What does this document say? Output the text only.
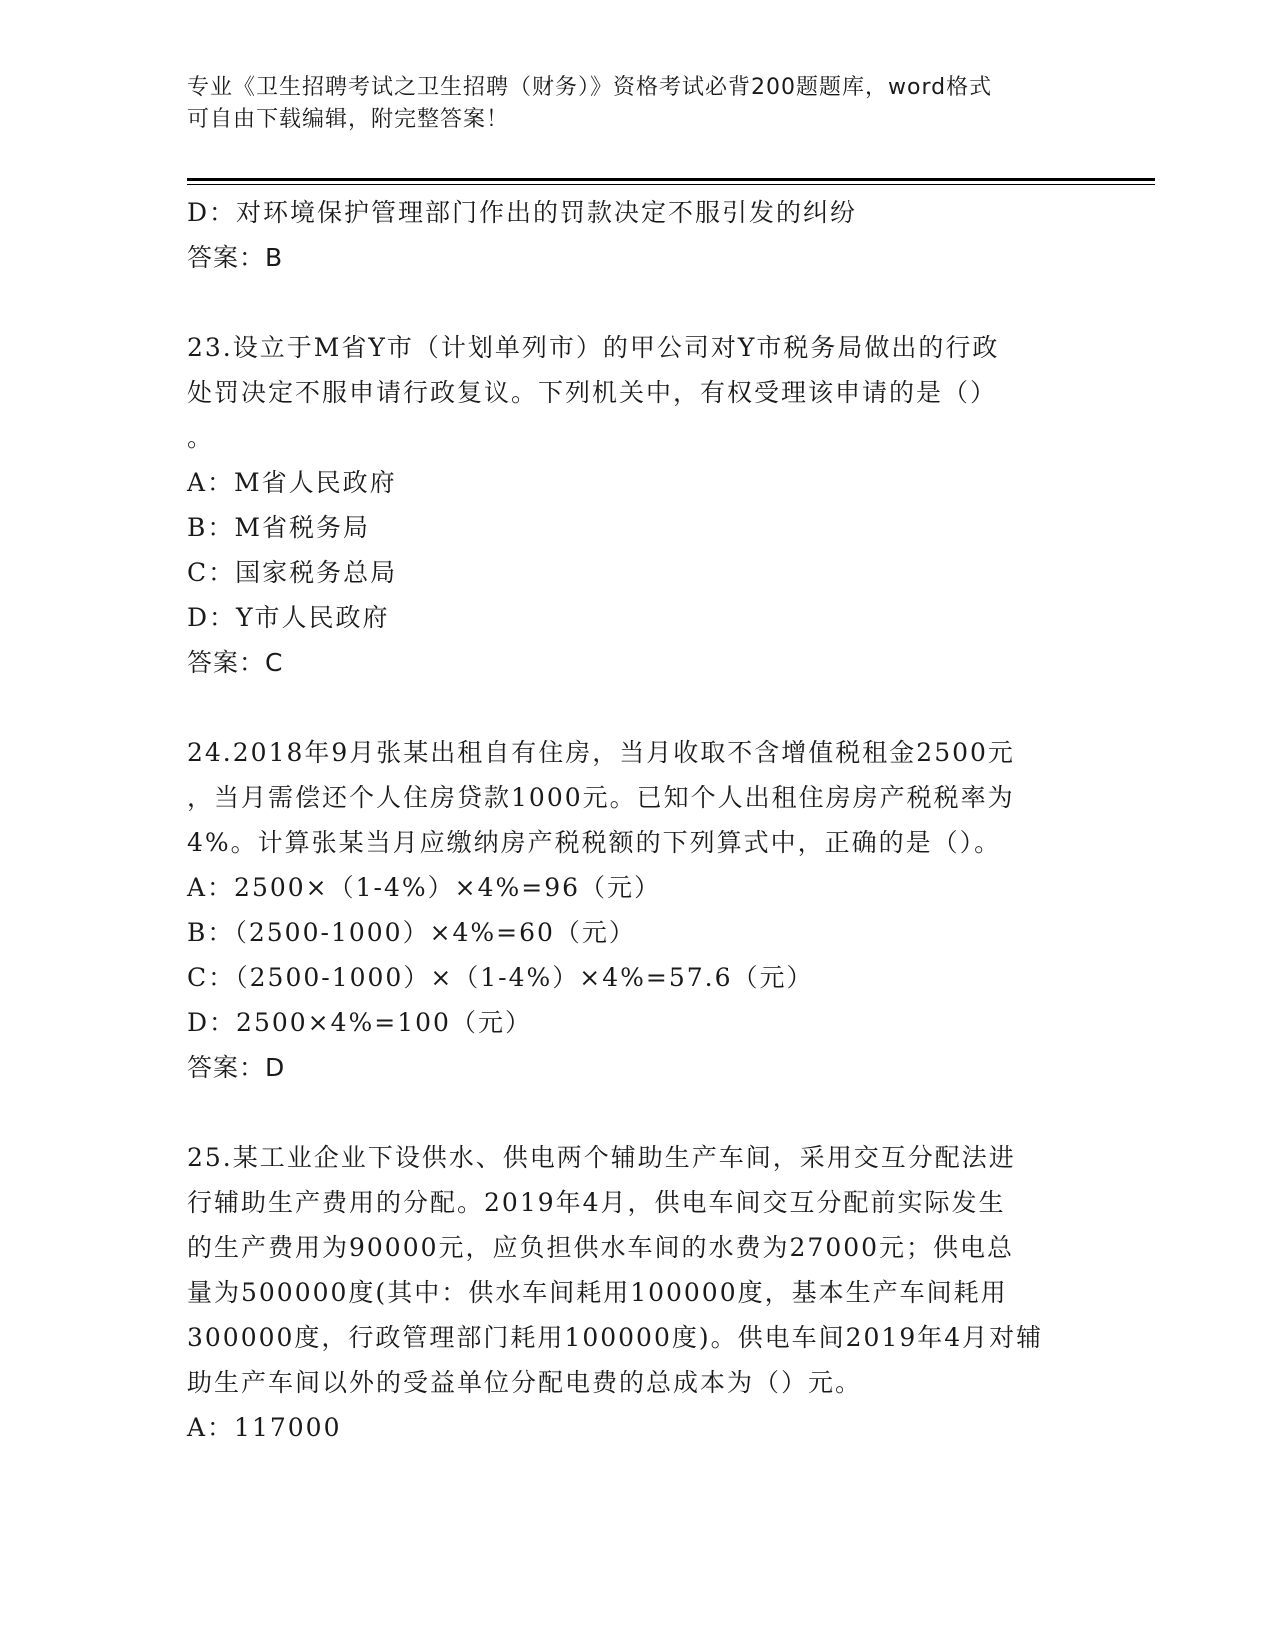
专业《卫生招聘考试之卫生招聘（财务）》资格考试必背200题题库，word格式
可自由下载编辑，附完整答案！
D：对环境保护管理部门作出的罚款决定不服引发的纠纷
答案：B
23.设立于M省Y市（计划单列市）的甲公司对Y市税务局做出的行政
处罚决定不服申请行政复议。下列机关中，有权受理该申请的是（）
。
A：M省人民政府
B：M省税务局
C：国家税务总局
D：Y市人民政府
答案：C
24.2018年9月张某出租自有住房，当月收取不含增值税租金2500元
，当月需偿还个人住房贷款1000元。已知个人出租住房房产税税率为
4%。计算张某当月应缴纳房产税税额的下列算式中，正确的是（）。
A：2500×（1-4%）×4%=96（元）
B：（2500-1000）×4%=60（元）
C：（2500-1000）×（1-4%）×4%=57.6（元）
D：2500×4%=100（元）
答案：D
25.某工业企业下设供水、供电两个辅助生产车间，采用交互分配法进
行辅助生产费用的分配。2019年4月，供电车间交互分配前实际发生
的生产费用为90000元，应负担供水车间的水费为27000元；供电总
量为500000度(其中：供水车间耗用100000度，基本生产车间耗用
300000度，行政管理部门耗用100000度)。供电车间2019年4月对辅
助生产车间以外的受益单位分配电费的总成本为（）元。
A：117000
